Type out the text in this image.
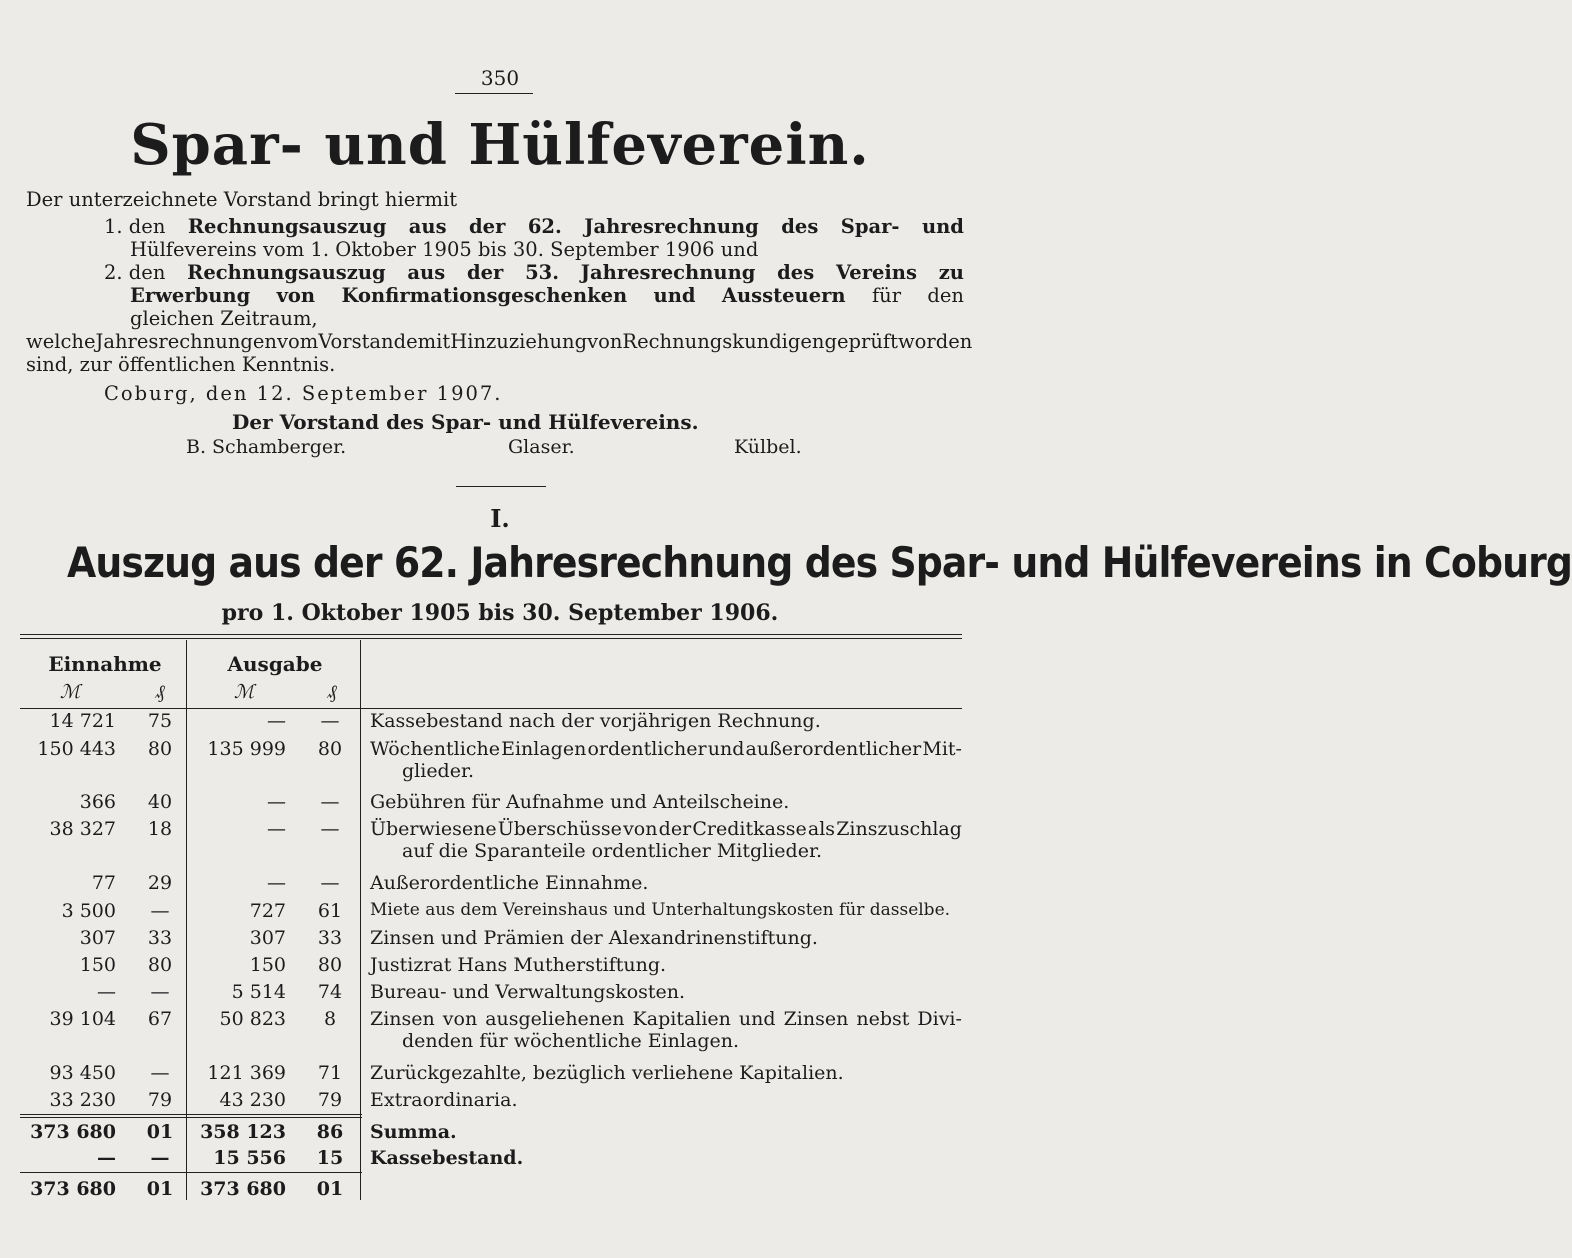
350
Spar- und Hülfeverein.
Der unterzeichnete Vorstand bringt hiermit
1. den Rechnungsauszug aus der 62. Jahresrechnung des Spar- und
Hülfevereins vom 1. Oktober 1905 bis 30. September 1906 und
2. den Rechnungsauszug aus der 53. Jahresrechnung des Vereins zu
Erwerbung von Konfirmationsgeschenken und Aussteuern für den
gleichen Zeitraum,
welche Jahresrechnungen vom Vorstande mit Hinzuziehung von Rechnungskundigen geprüft worden
sind, zur öffentlichen Kenntnis.
Coburg, den 12. September 1907.
Der Vorstand des Spar- und Hülfevereins.
B. Schamberger.	Glaser.	Külbel.
I.
Auszug aus der 62. Jahresrechnung des Spar- und Hülfevereins in Coburg
pro 1. Oktober 1905 bis 30. September 1906.
Einnahme	Ausgabe
ℳ	₰	ℳ	₰
14 721	75	—	—	Kassebestand nach der vorjährigen Rechnung.
150 443	80	135 999	80	Wöchentliche Einlagen ordentlicher und außerordentlicher Mit-
glieder.
366	40	—	—	Gebühren für Aufnahme und Anteilscheine.
38 327	18	—	—	Überwiesene Überschüsse von der Creditkasse als Zinszuschlag
auf die Sparanteile ordentlicher Mitglieder.
77	29	—	—	Außerordentliche Einnahme.
3 500	—	727	61	Miete aus dem Vereinshaus und Unterhaltungskosten für dasselbe.
307	33	307	33	Zinsen und Prämien der Alexandrinenstiftung.
150	80	150	80	Justizrat Hans Mutherstiftung.
—	—	5 514	74	Bureau- und Verwaltungskosten.
39 104	67	50 823	8	Zinsen von ausgeliehenen Kapitalien und Zinsen nebst Divi-
denden für wöchentliche Einlagen.
93 450	—	121 369	71	Zurückgezahlte, bezüglich verliehene Kapitalien.
33 230	79	43 230	79	Extraordinaria.
373 680	01	358 123	86	Summa.
—	—	15 556	15	Kassebestand.
373 680	01	373 680	01
